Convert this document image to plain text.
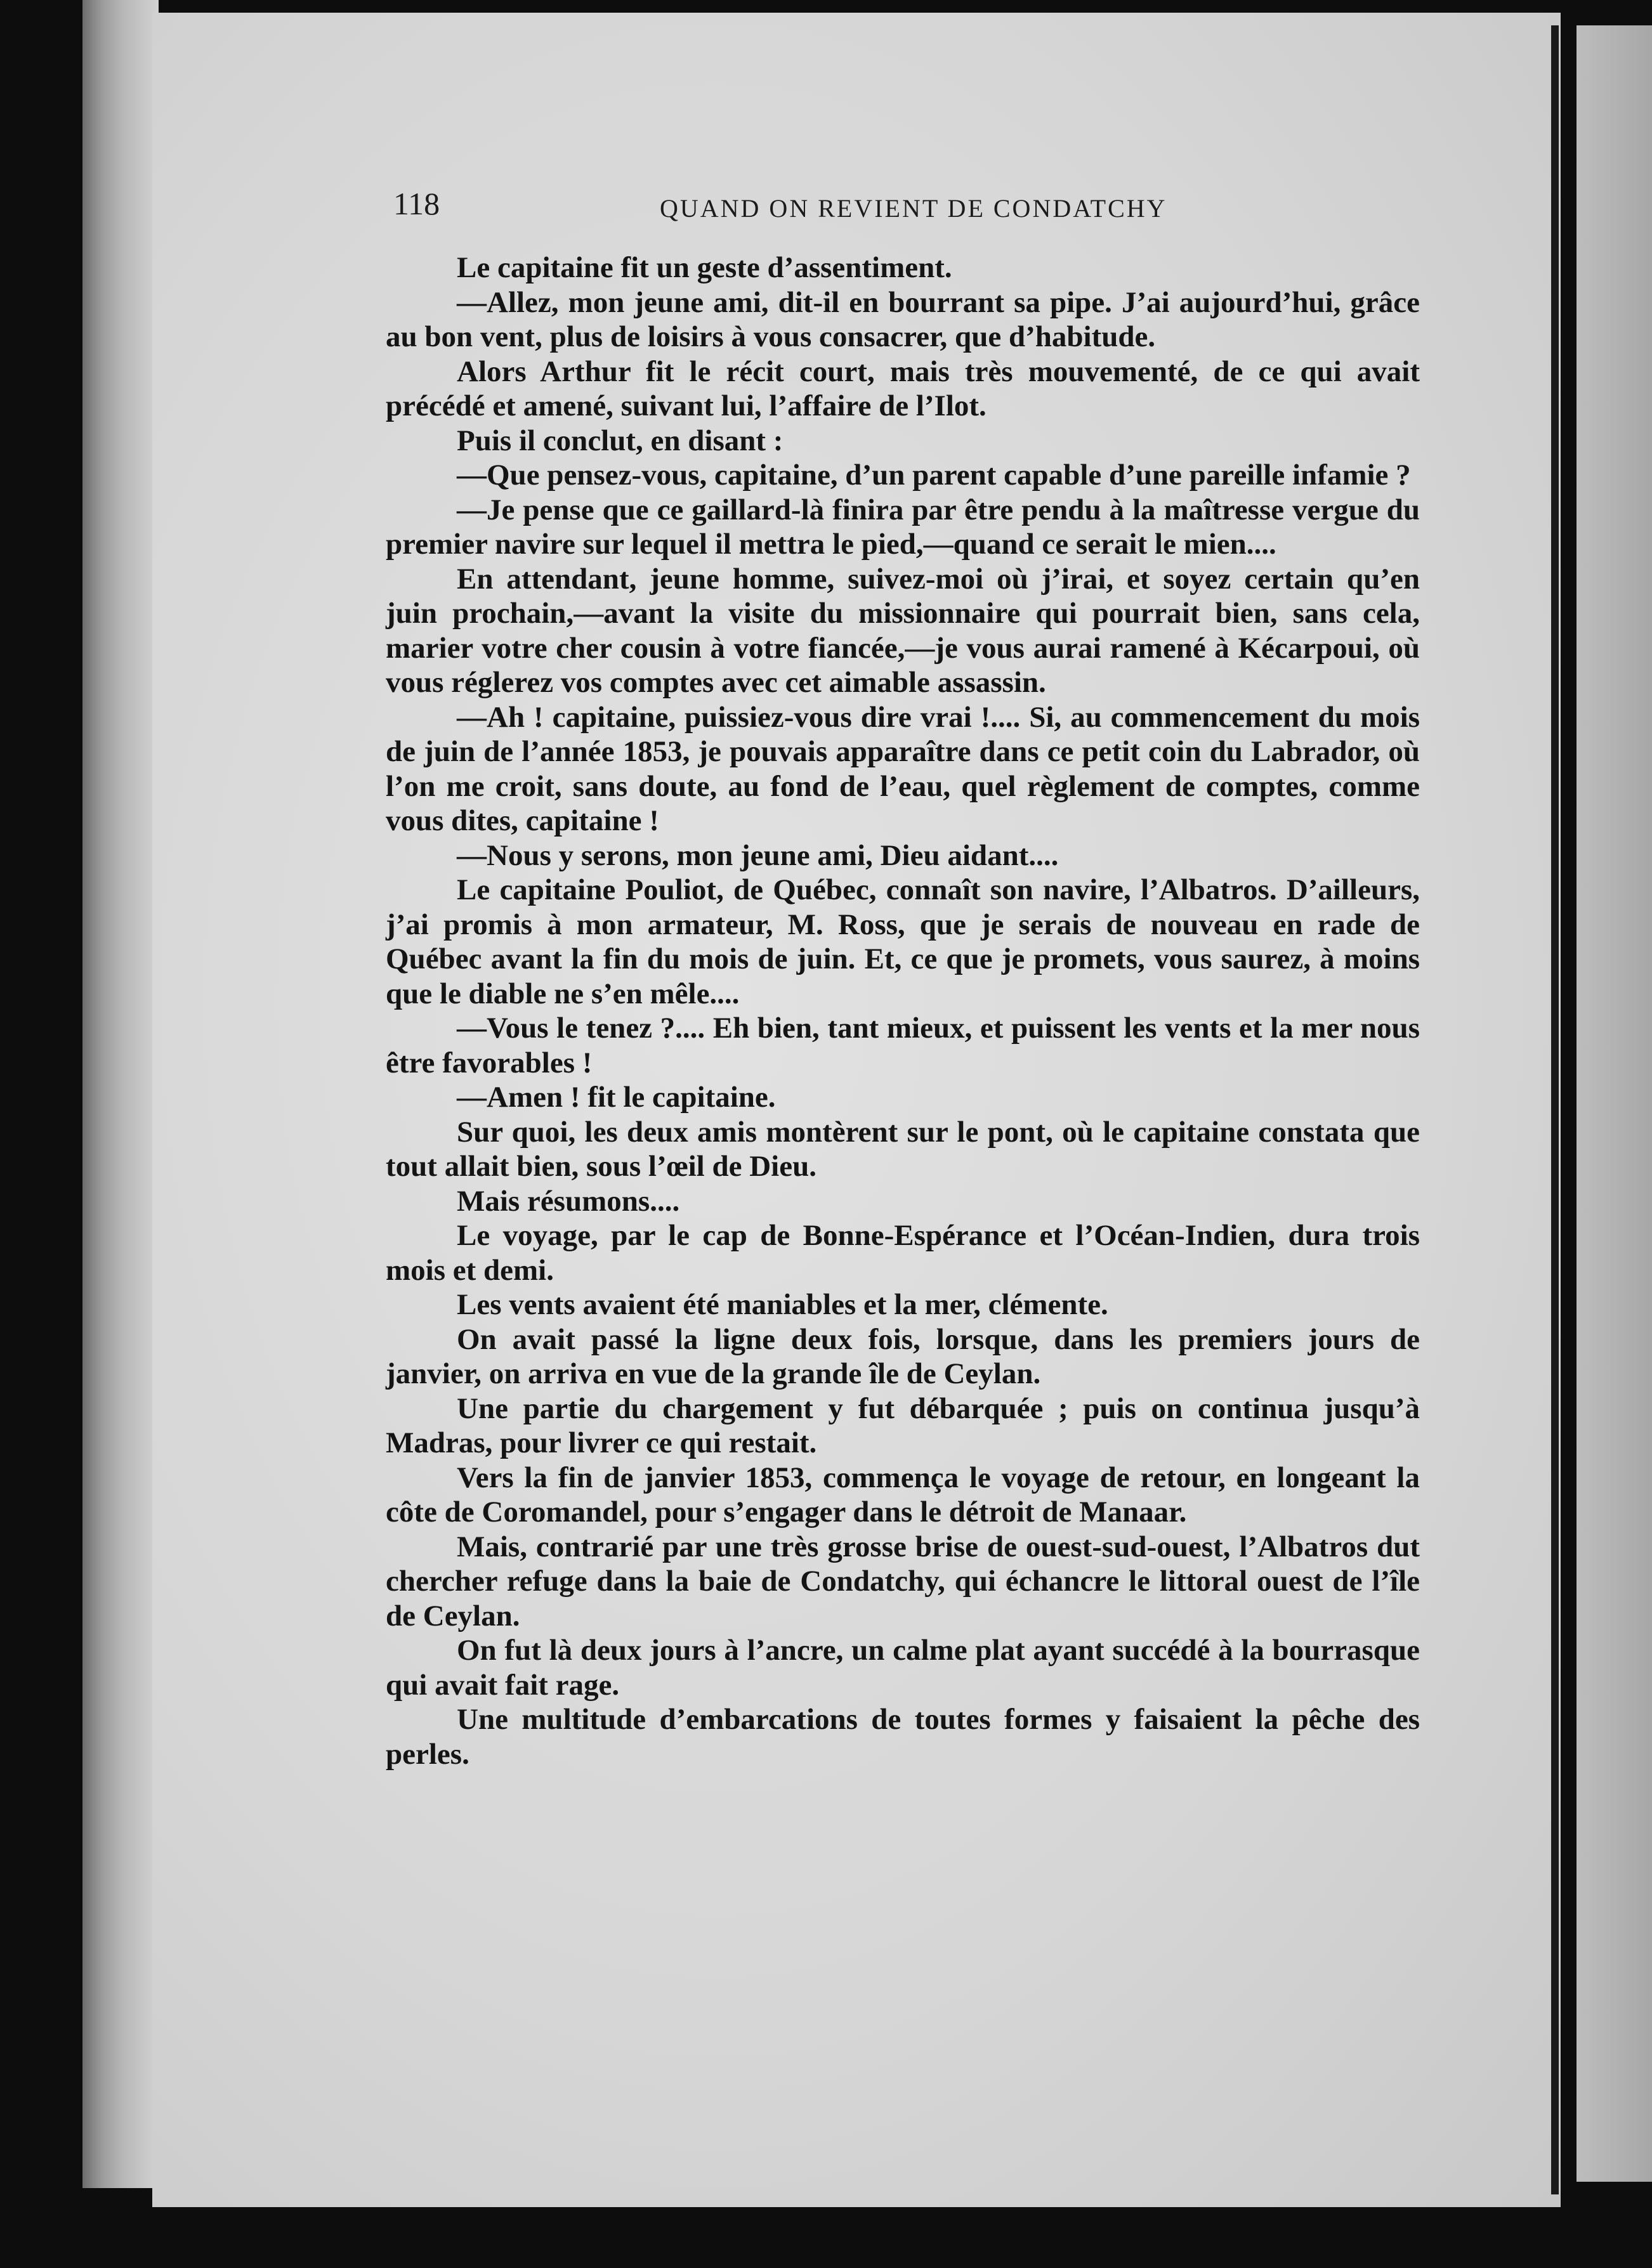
118	QUAND ON REVIENT DE CONDATCHY

Le capitaine fit un geste d’assentiment.

—Allez, mon jeune ami, dit-il en bourrant sa pipe. J’ai aujourd’hui, grâce au bon vent, plus de loisirs à vous consacrer, que d’habitude.

Alors Arthur fit le récit court, mais très mouvementé, de ce qui avait précédé et amené, suivant lui, l’affaire de l’Ilot.

Puis il conclut, en disant :

—Que pensez-vous, capitaine, d’un parent capable d’une pareille infamie ?

—Je pense que ce gaillard-là finira par être pendu à la maîtresse vergue du premier navire sur lequel il mettra le pied,—quand ce serait le mien....

En attendant, jeune homme, suivez-moi où j’irai, et soyez certain qu’en juin prochain,—avant la visite du missionnaire qui pourrait bien, sans cela, marier votre cher cousin à votre fiancée,—je vous aurai ramené à Kécarpoui, où vous réglerez vos comptes avec cet aimable assassin.

—Ah ! capitaine, puissiez-vous dire vrai !.... Si, au commencement du mois de juin de l’année 1853, je pouvais apparaître dans ce petit coin du Labrador, où l’on me croit, sans doute, au fond de l’eau, quel règlement de comptes, comme vous dites, capitaine !

—Nous y serons, mon jeune ami, Dieu aidant....

Le capitaine Pouliot, de Québec, connaît son navire, l’Albatros. D’ailleurs, j’ai promis à mon armateur, M. Ross, que je serais de nouveau en rade de Québec avant la fin du mois de juin. Et, ce que je promets, vous saurez, à moins que le diable ne s’en mêle....

—Vous le tenez ?.... Eh bien, tant mieux, et puissent les vents et la mer nous être favorables !

—Amen ! fit le capitaine.

Sur quoi, les deux amis montèrent sur le pont, où le capitaine constata que tout allait bien, sous l’œil de Dieu.

Mais résumons....

Le voyage, par le cap de Bonne-Espérance et l’Océan-Indien, dura trois mois et demi.

Les vents avaient été maniables et la mer, clémente.

On avait passé la ligne deux fois, lorsque, dans les premiers jours de janvier, on arriva en vue de la grande île de Ceylan.

Une partie du chargement y fut débarquée ; puis on continua jusqu’à Madras, pour livrer ce qui restait.

Vers la fin de janvier 1853, commença le voyage de retour, en longeant la côte de Coromandel, pour s’engager dans le détroit de Manaar.

Mais, contrarié par une très grosse brise de ouest-sud-ouest, l’Albatros dut chercher refuge dans la baie de Condatchy, qui échancre le littoral ouest de l’île de Ceylan.

On fut là deux jours à l’ancre, un calme plat ayant succédé à la bourrasque qui avait fait rage.

Une multitude d’embarcations de toutes formes y faisaient la pêche des perles.
